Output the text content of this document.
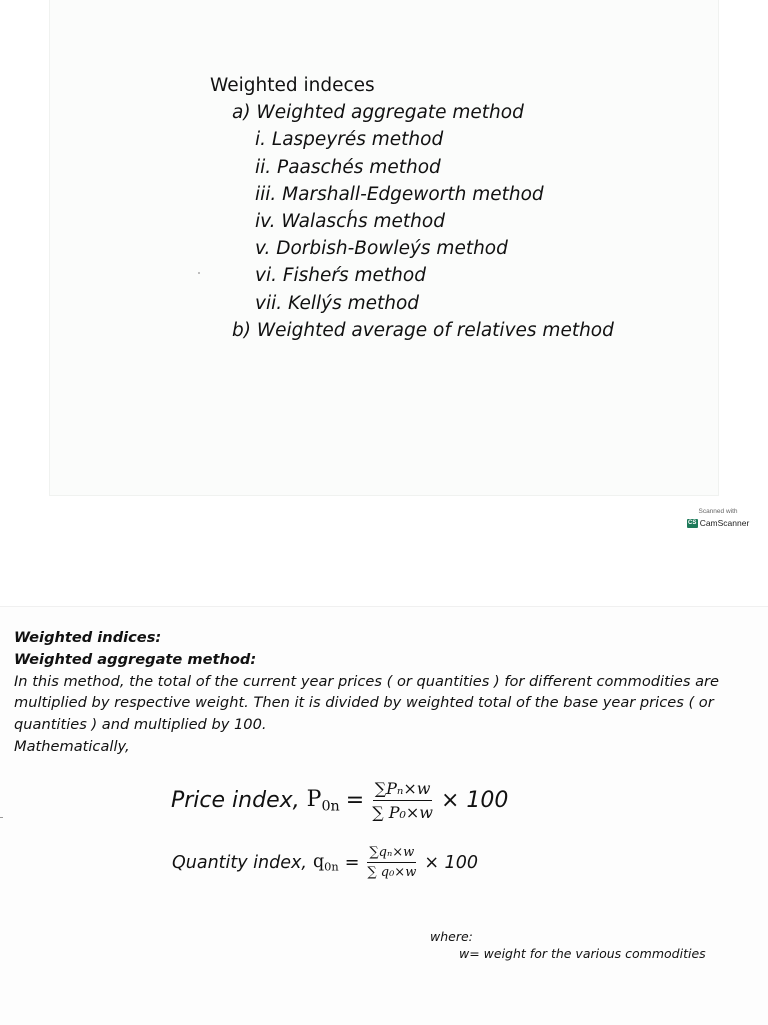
Weighted indeces
a) Weighted aggregate method
i. Laspeyrés method
ii. Paaschés method
iii. Marshall-Edgeworth method
iv. Walasch́s method
v. Dorbish-Bowleýs method
vi. Fisheŕs method
vii. Kellýs method
b) Weighted average of relatives method
Scanned with
CS CamScanner
Weighted indices:
Weighted aggregate method:
In this method, the total of the current year prices ( or quantities ) for different commodities are
multiplied by respective weight. Then it is divided by weighted total of the base year prices ( or
quantities ) and multiplied by 100.
Mathematically,
Price index, $P_{0n} = \frac{\text{∑Pₙ×w}}{\text{∑ P₀×w}} \times 100$
Quantity index, $q_{0n} = \frac{\text{∑qₙ×w}}{\text{∑ q₀×w}} \times 100$
where:
w= weight for the various commodities
